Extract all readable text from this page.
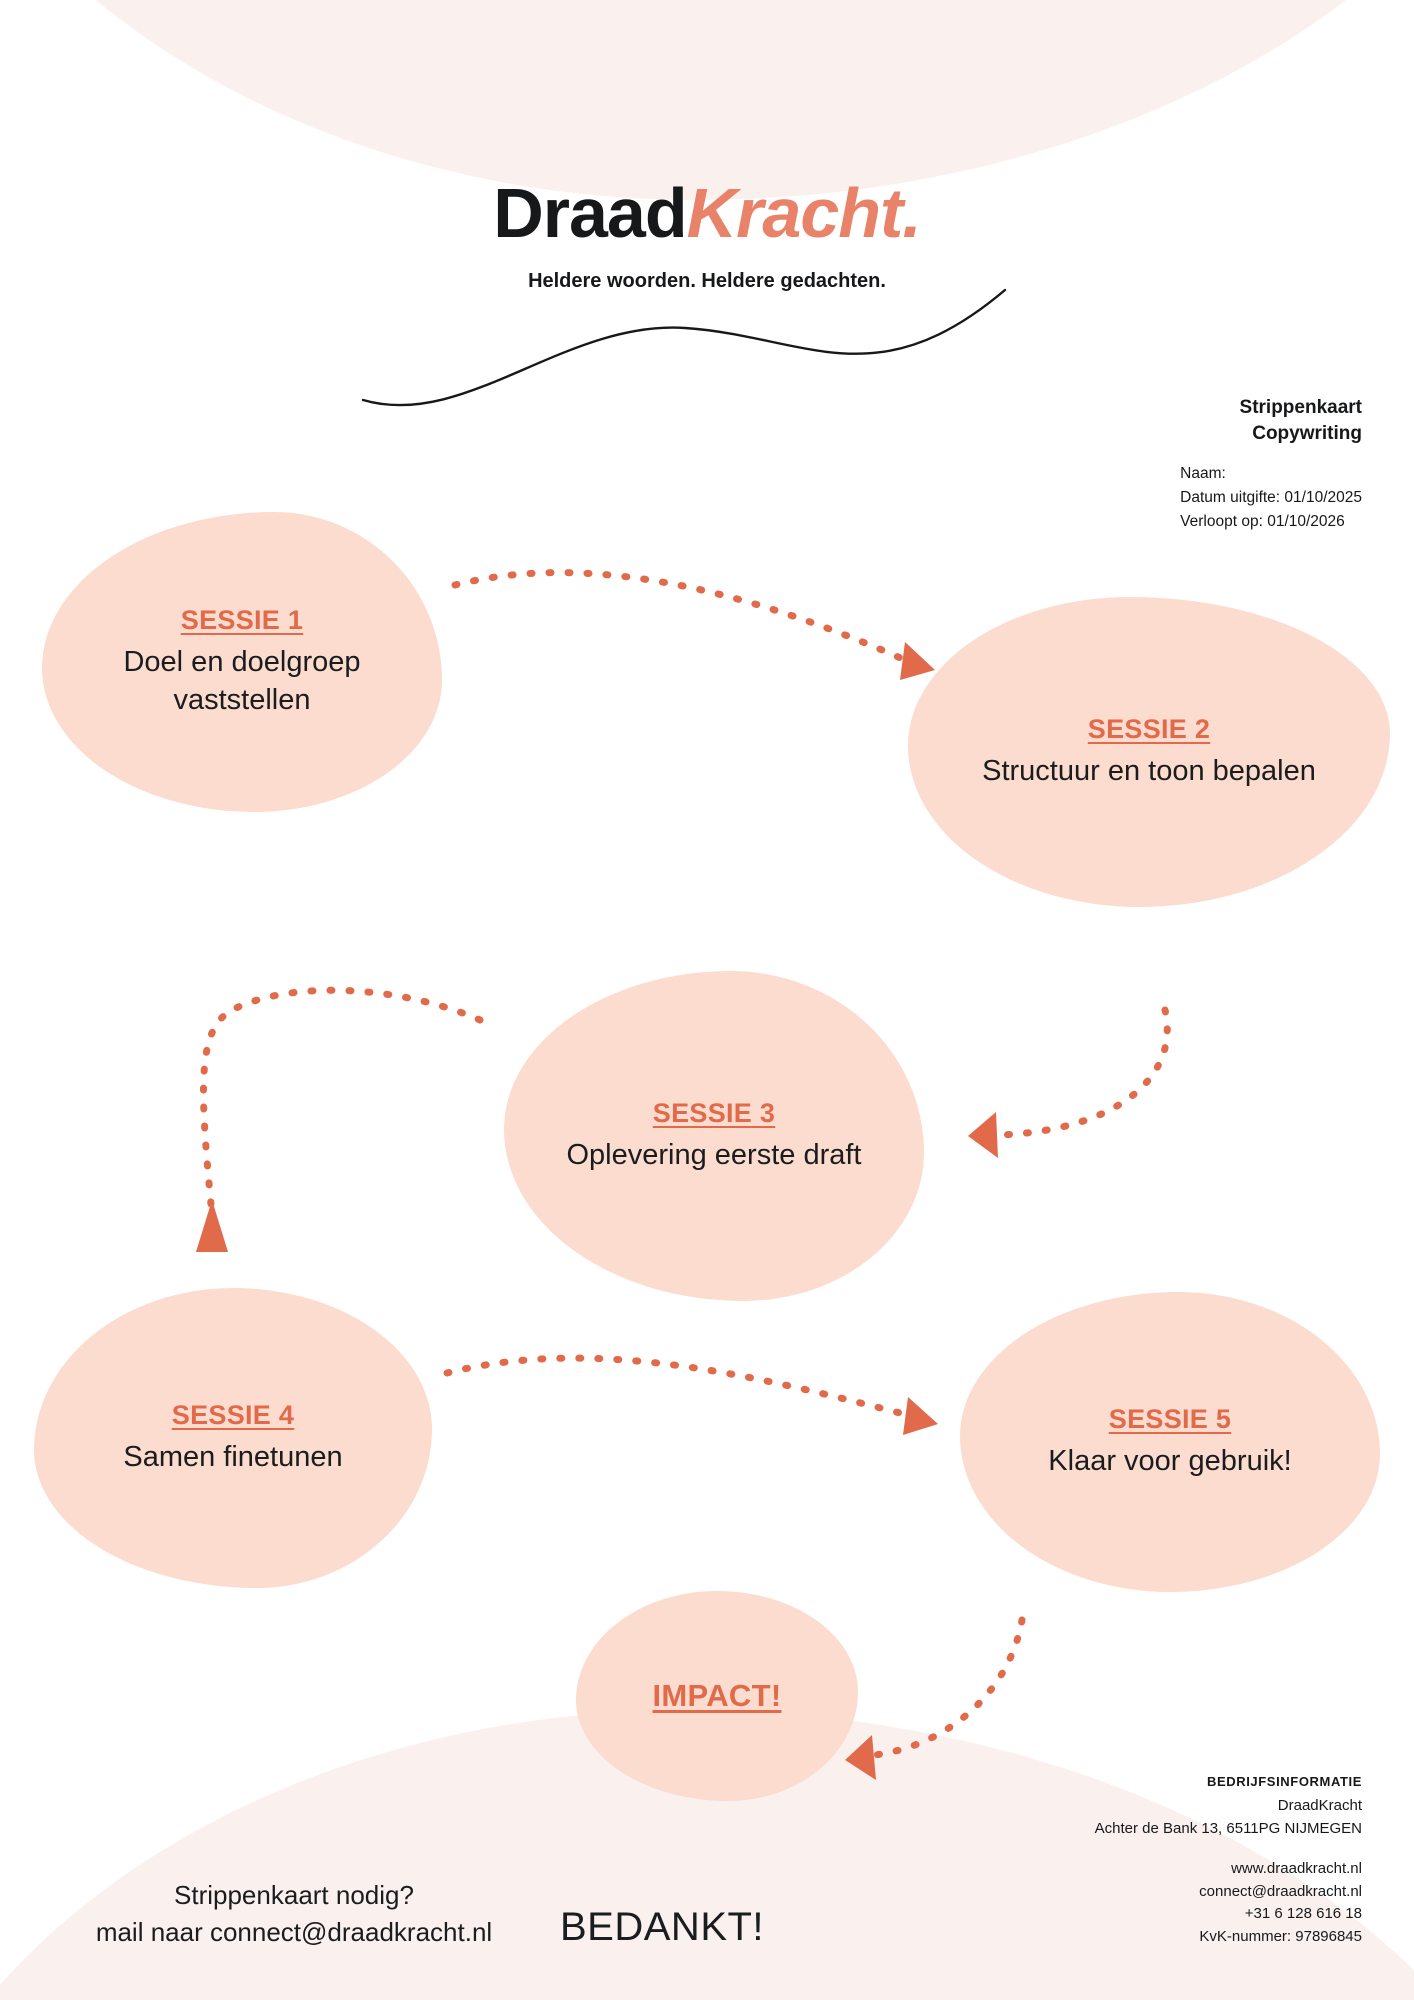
DraadKracht.
Heldere woorden. Heldere gedachten.
Strippenkaart
Copywriting
Naam:
Datum uitgifte: 01/10/2025
Verloopt op: 01/10/2026
SESSIE 1
Doel en doelgroep vaststellen
SESSIE 2
Structuur en toon bepalen
SESSIE 3
Oplevering eerste draft
SESSIE 4
Samen finetunen
SESSIE 5
Klaar voor gebruik!
IMPACT!
Strippenkaart nodig?
mail naar connect@draadkracht.nl	BEDANKT!
BEDRIJFSINFORMATIE
DraadKracht
Achter de Bank 13, 6511PG NIJMEGEN
www.draadkracht.nl
connect@draadkracht.nl
+31 6 128 616 18
KvK-nummer: 97896845
